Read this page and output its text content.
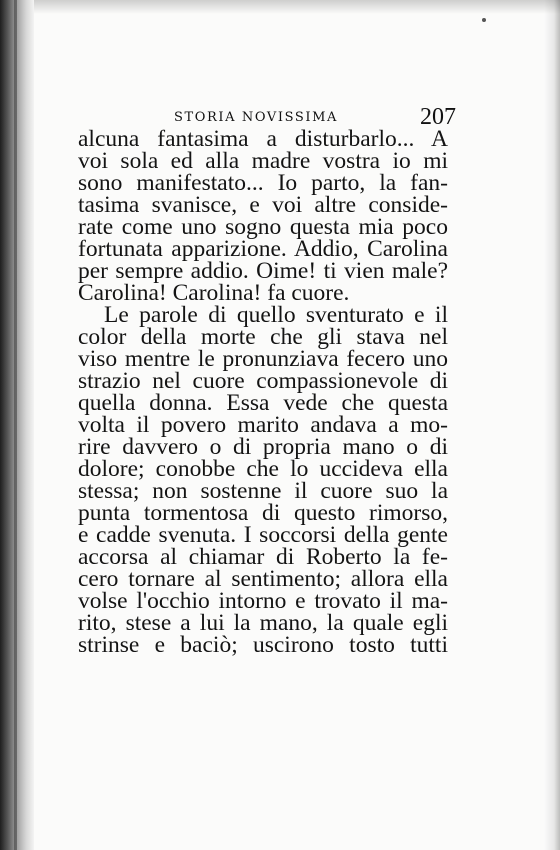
STORIA NOVISSIMA	207
alcuna fantasima a disturbarlo... A
voi sola ed alla madre vostra io mi
sono manifestato... Io parto, la fan-
tasima svanisce, e voi altre conside-
rate come uno sogno questa mia poco
fortunata apparizione. Addio, Carolina
per sempre addio. Oime! ti vien male?
Carolina! Carolina! fa cuore.
Le parole di quello sventurato e il
color della morte che gli stava nel
viso mentre le pronunziava fecero uno
strazio nel cuore compassionevole di
quella donna. Essa vede che questa
volta il povero marito andava a mo-
rire davvero o di propria mano o di
dolore; conobbe che lo uccideva ella
stessa; non sostenne il cuore suo la
punta tormentosa di questo rimorso,
e cadde svenuta. I soccorsi della gente
accorsa al chiamar di Roberto la fe-
cero tornare al sentimento; allora ella
volse l'occhio intorno e trovato il ma-
rito, stese a lui la mano, la quale egli
strinse e baciò; uscirono tosto tutti
